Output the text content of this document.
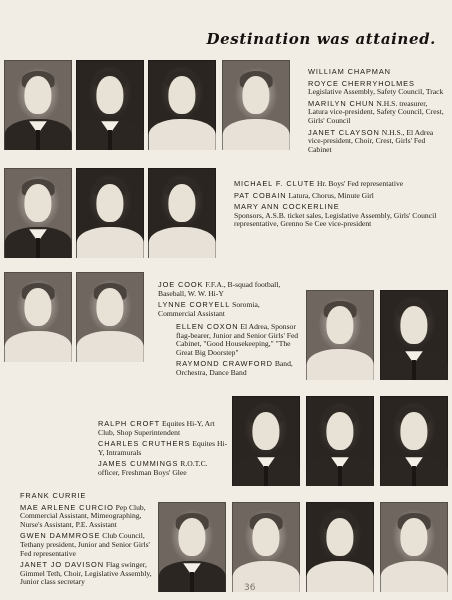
Destination was attained.
WILLIAM CHAPMAN
ROYCE CHERRYHOLMES
Legislative Assembly, Safety Council, Track
MARILYN CHUN N.H.S. treasurer, Latura vice-president, Safety Council, Crest, Girls' Council
JANET CLAYSON N.H.S., El Adrea vice-president, Choir, Crest, Girls' Fed Cabinet
MICHAEL F. CLUTE Hr. Boys' Fed representative
PAT COBAIN Latura, Chorus, Minute Girl
MARY ANN COCKERLINE
Sponsors, A.S.B. ticket sales, Legislative Assembly, Girls' Council representative, Grenno Se Cee vice-president
JOE COOK F.F.A., B-squad football, Baseball, W. W. Hi-Y
LYNNE CORYELL Soromia, Commercial Assistant
ELLEN COXON El Adrea, Sponsor flag-bearer, Junior and Senior Girls' Fed Cabinet, "Good Housekeeping," "The Great Big Doorstep"
RAYMOND CRAWFORD Band, Orchestra, Dance Band
RALPH CROFT Equites Hi-Y, Art Club, Shop Superintendent
CHARLES CRUTHERS Equites Hi-Y, Intramurals
JAMES CUMMINGS R.O.T.C. officer, Freshman Boys' Glee
FRANK CURRIE
MAE ARLENE CURCIO Pep Club, Commercial Assistant, Mimeographing, Nurse's Assistant, P.E. Assistant
GWEN DAMMROSE Club Council, Tethany president, Junior and Senior Girls' Fed representative
JANET JO DAVISON Flag swinger, Gimmel Teth, Choir, Legislative Assembly, Junior class secretary
36
